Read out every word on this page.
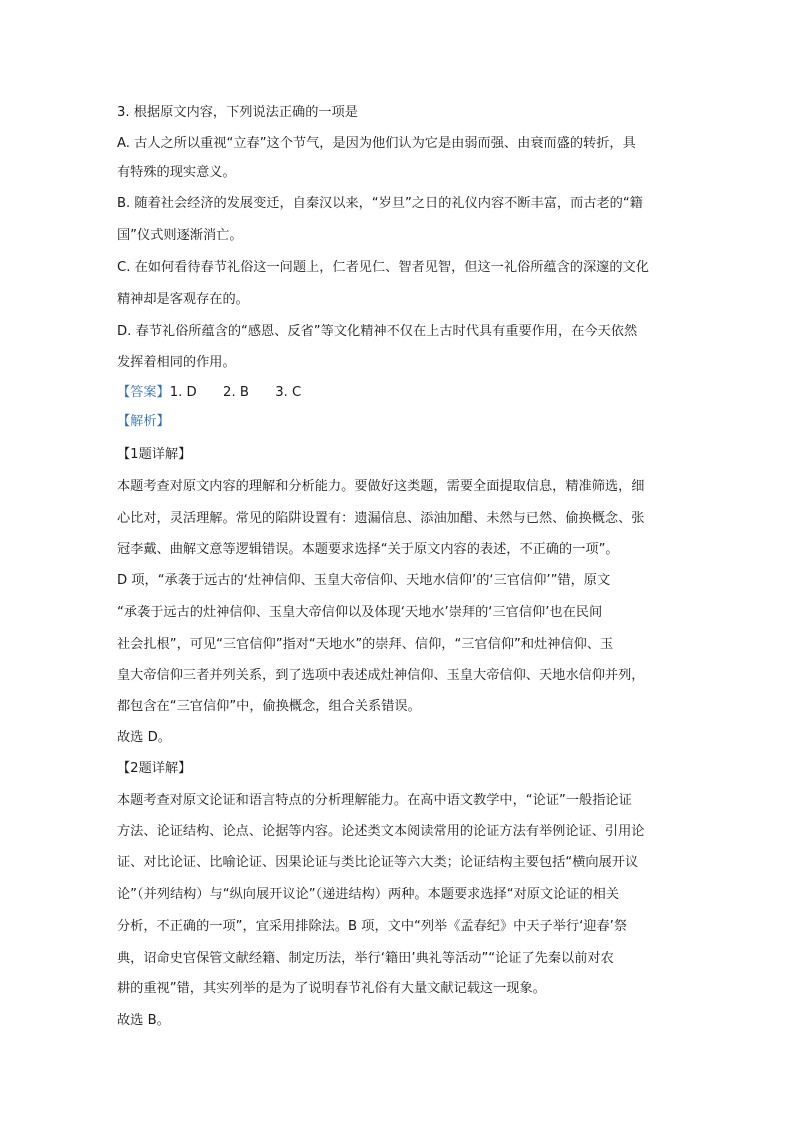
3. 根据原文内容，下列说法正确的一项是
A. 古人之所以重视“立春”这个节气，是因为他们认为它是由弱而强、由衰而盛的转折，具
有特殊的现实意义。
B. 随着社会经济的发展变迁，自秦汉以来，“岁旦”之日的礼仪内容不断丰富，而古老的“籍
国”仪式则逐渐消亡。
C. 在如何看待春节礼俗这一问题上，仁者见仁、智者见智，但这一礼俗所蕴含的深邃的文化
精神却是客观存在的。
D. 春节礼俗所蕴含的“感恩、反省”等文化精神不仅在上古时代具有重要作用，在今天依然
发挥着相同的作用。
【答案】1. D　　2. B　　3. C
【解析】
【1题详解】
本题考查对原文内容的理解和分析能力。要做好这类题，需要全面提取信息，精准筛选，细
心比对，灵活理解。常见的陷阱设置有：遗漏信息、添油加醋、未然与已然、偷换概念、张
冠李戴、曲解文意等逻辑错误。本题要求选择“关于原文内容的表述，不正确的一项”。
D 项，“承袭于远古的‘灶神信仰、玉皇大帝信仰、天地水信仰’的‘三官信仰’”错，原文
“承袭于远古的灶神信仰、玉皇大帝信仰以及体现‘天地水’崇拜的‘三官信仰’也在民间
社会扎根”，可见“三官信仰”指对“天地水”的崇拜、信仰，“三官信仰”和灶神信仰、玉
皇大帝信仰三者并列关系，到了选项中表述成灶神信仰、玉皇大帝信仰、天地水信仰并列，
都包含在“三官信仰”中，偷换概念，组合关系错误。
故选 D。
【2题详解】
本题考查对原文论证和语言特点的分析理解能力。在高中语文教学中，“论证”一般指论证
方法、论证结构、论点、论据等内容。论述类文本阅读常用的论证方法有举例论证、引用论
证、对比论证、比喻论证、因果论证与类比论证等六大类；论证结构主要包括“横向展开议
论”（并列结构）与“纵向展开议论”（递进结构）两种。本题要求选择“对原文论证的相关
分析，不正确的一项”，宜采用排除法。B 项，文中“列举《孟春纪》中天子举行‘迎春’祭
典，诏命史官保管文献经籍、制定历法，举行‘籍田’典礼等活动”“论证了先秦以前对农
耕的重视”错，其实列举的是为了说明春节礼俗有大量文献记载这一现象。
故选 B。
